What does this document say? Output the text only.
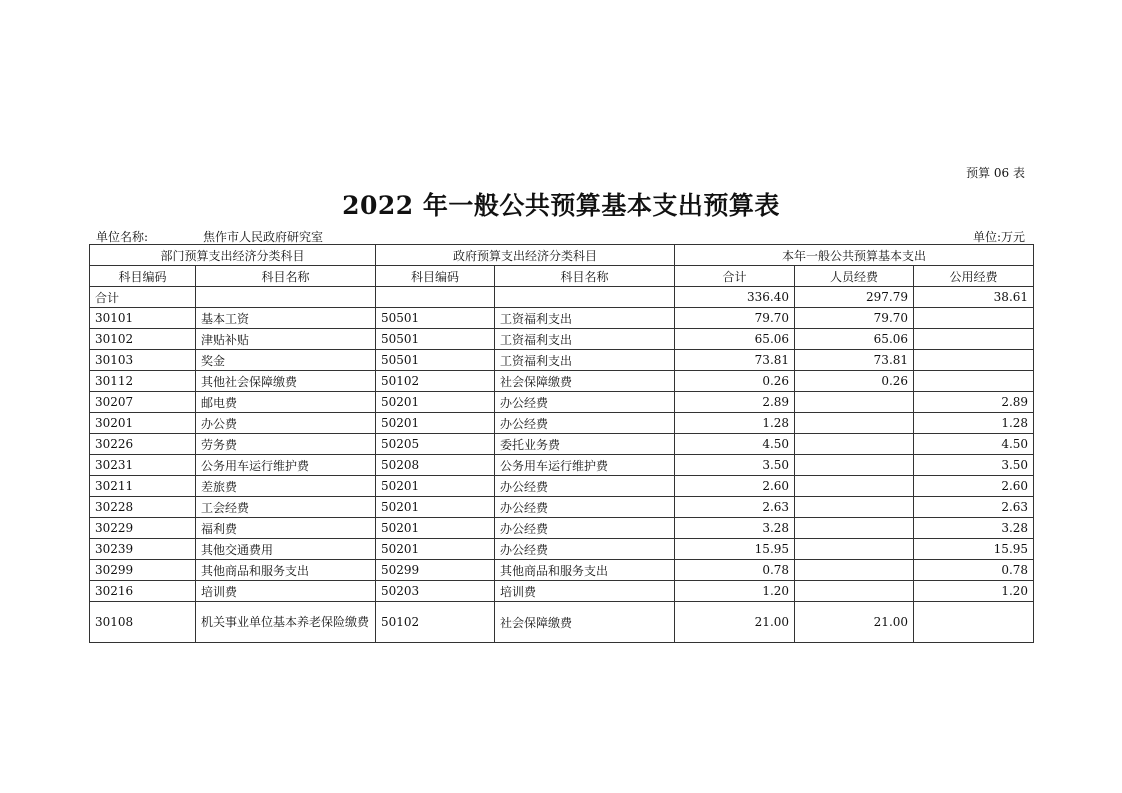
预算 06 表
2022 年一般公共预算基本支出预算表
单位名称:	焦作市人民政府研究室	单位:万元
部门预算支出经济分类科目		政府预算支出经济分类科目		本年一般公共预算基本支出		
科目编码	科目名称	科目编码	科目名称	合计	人员经费	公用经费
合计				336.40	297.79	38.61
30101	基本工资	50501	工资福利支出	79.70	79.70	
30102	津贴补贴	50501	工资福利支出	65.06	65.06	
30103	奖金	50501	工资福利支出	73.81	73.81	
30112	其他社会保障缴费	50102	社会保障缴费	0.26	0.26	
30207	邮电费	50201	办公经费	2.89		2.89
30201	办公费	50201	办公经费	1.28		1.28
30226	劳务费	50205	委托业务费	4.50		4.50
30231	公务用车运行维护费	50208	公务用车运行维护费	3.50		3.50
30211	差旅费	50201	办公经费	2.60		2.60
30228	工会经费	50201	办公经费	2.63		2.63
30229	福利费	50201	办公经费	3.28		3.28
30239	其他交通费用	50201	办公经费	15.95		15.95
30299	其他商品和服务支出	50299	其他商品和服务支出	0.78		0.78
30216	培训费	50203	培训费	1.20		1.20
30108	机关事业单位基本养老保险缴费	50102	社会保障缴费	21.00	21.00	
